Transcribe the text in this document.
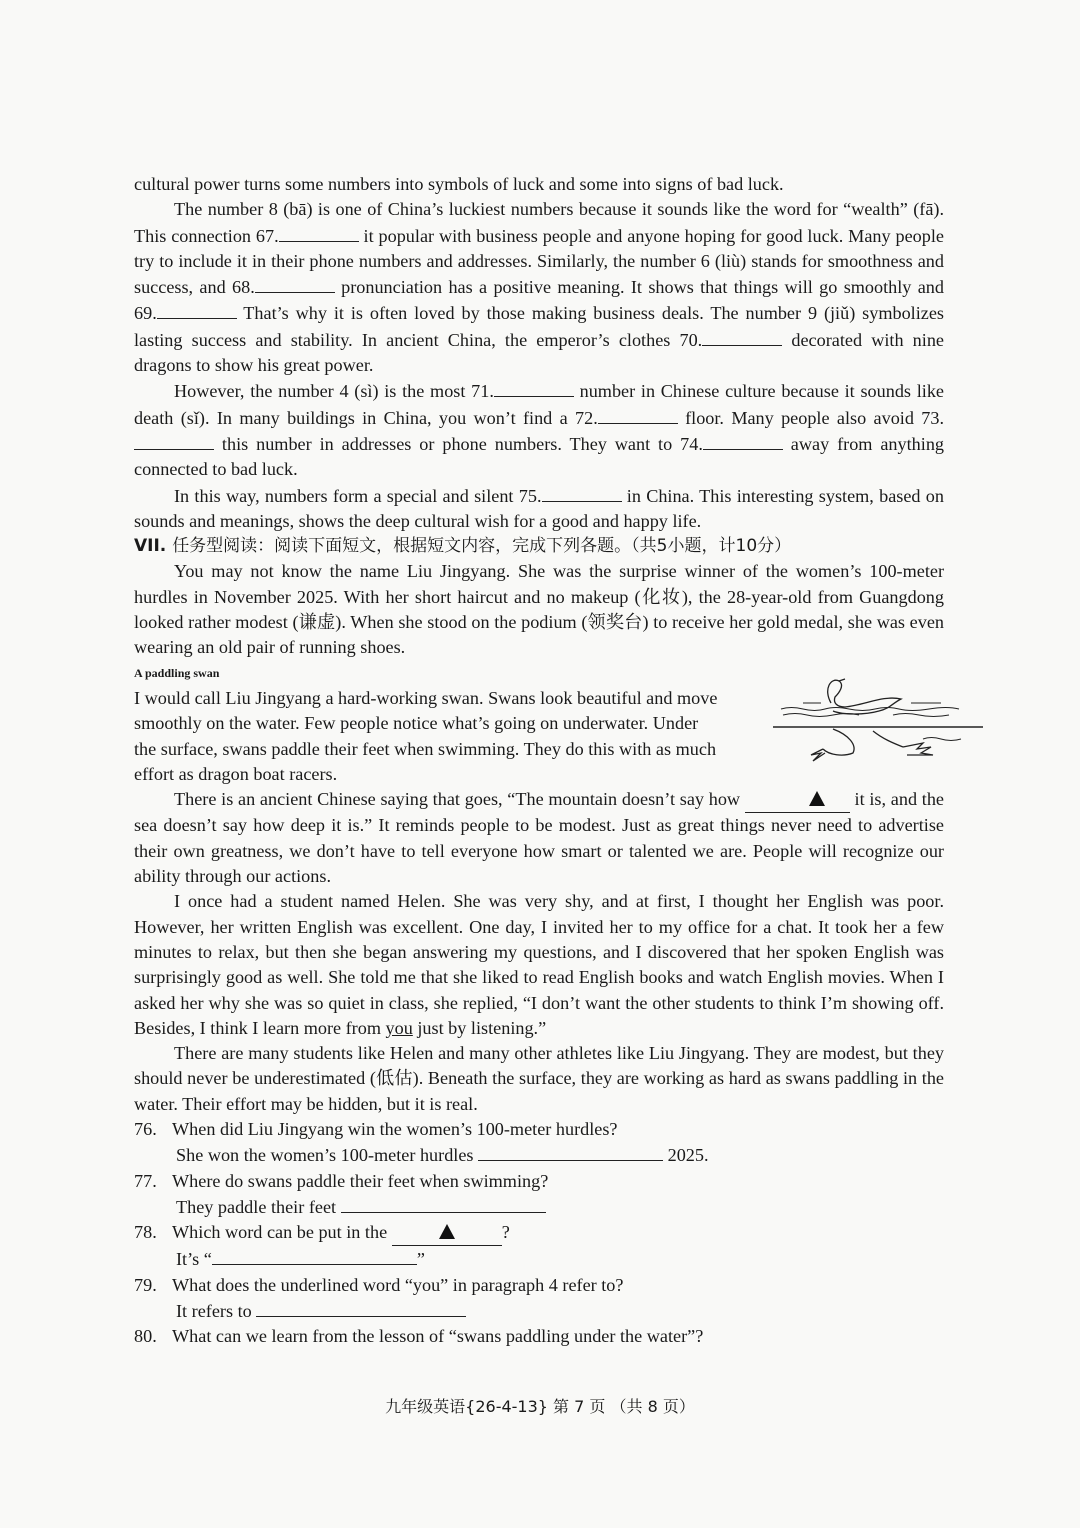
cultural power turns some numbers into symbols of luck and some into signs of bad luck.

The number 8 (bā) is one of China’s luckiest numbers because it sounds like the word for “wealth” (fā). This connection 67.	it popular with business people and anyone hoping for good luck. Many people try to include it in their phone numbers and addresses. Similarly, the number 6 (liù) stands for smoothness and success, and 68.	pronunciation has a positive meaning. It shows that things will go smoothly and 69.	That’s why it is often loved by those making business deals. The number 9 (jiǔ) symbolizes lasting success and stability. In ancient China, the emperor’s clothes 70.	decorated with nine dragons to show his great power.

However, the number 4 (sì) is the most 71.	number in Chinese culture because it sounds like death (sǐ). In many buildings in China, you won’t find a 72.	floor. Many people also avoid 73. this number in addresses or phone numbers. They want to 74.	away from anything connected to bad luck.

In this way, numbers form a special and silent 75.	in China. This interesting system, based on sounds and meanings, shows the deep cultural wish for a good and happy life.

VII. 任务型阅读：阅读下面短文，根据短文内容，完成下列各题。（共5小题，计10分）

You may not know the name Liu Jingyang. She was the surprise winner of the women’s 100-meter hurdles in November 2025. With her short haircut and no makeup (化妆), the 28-year-old from Guangdong looked rather modest (谦虚). When she stood on the podium (领奖台) to receive her gold medal, she was even wearing an old pair of running shoes.

A paddling swan
I would call Liu Jingyang a hard-working swan. Swans look beautiful and move smoothly on the water. Few people notice what’s going on underwater. Under the surface, swans paddle their feet when swimming. They do this with as much effort as dragon boat racers.

There is an ancient Chinese saying that goes, “The mountain doesn’t say how	it is, and the sea doesn’t say how deep it is.” It reminds people to be modest. Just as great things never need to advertise their own greatness, we don’t have to tell everyone how smart or talented we are. People will recognize our ability through our actions.

I once had a student named Helen. She was very shy, and at first, I thought her English was poor. However, her written English was excellent. One day, I invited her to my office for a chat. It took her a few minutes to relax, but then she began answering my questions, and I discovered that her spoken English was surprisingly good as well. She told me that she liked to read English books and watch English movies. When I asked her why she was so quiet in class, she replied, “I don’t want the other students to think I’m showing off. Besides, I think I learn more from you just by listening.”

There are many students like Helen and many other athletes like Liu Jingyang. They are modest, but they should never be underestimated (低估). Beneath the surface, they are working as hard as swans paddling in the water. Their effort may be hidden, but it is real.

76. When did Liu Jingyang win the women’s 100-meter hurdles?

She won the women’s 100-meter hurdles	2025.

77. Where do swans paddle their feet when swimming?

They paddle their feet

78. Which word can be put in the	?

It’s “	”

79. What does the underlined word “you” in paragraph 4 refer to?

It refers to

80. What can we learn from the lesson of “swans paddling under the water”?

九年级英语{26-4-13} 第 7 页 （共 8 页）
